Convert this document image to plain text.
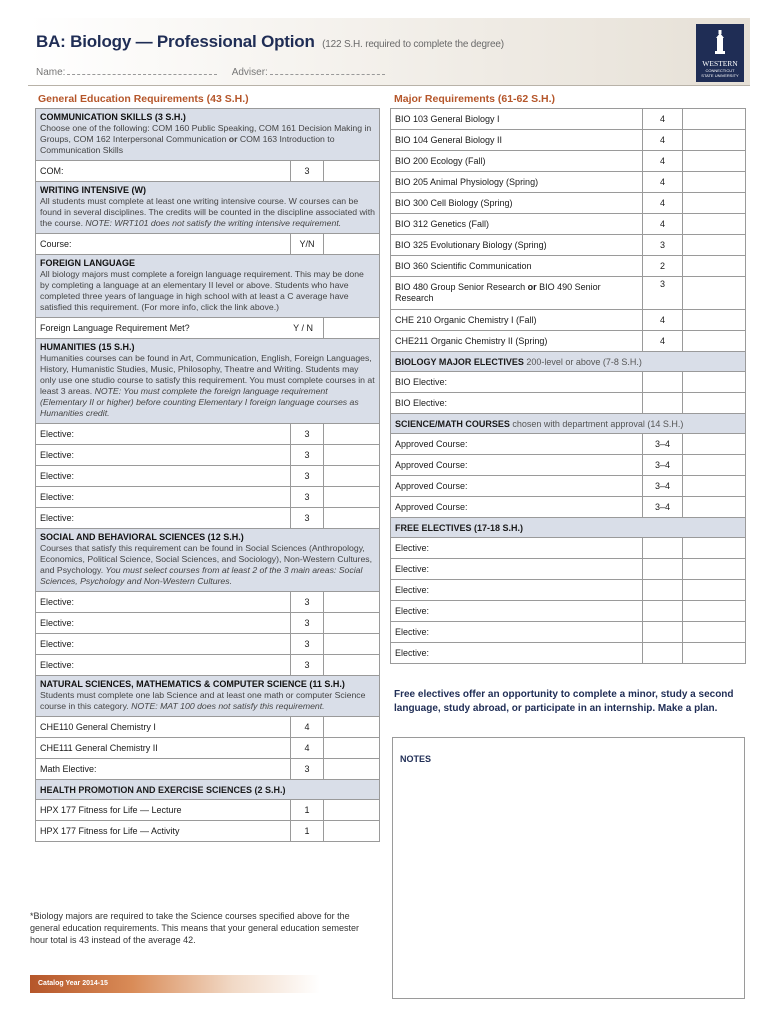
BA: Biology — Professional Option (122 S.H. required to complete the degree)
Name:	Adviser:
WESTERN
CONNECTICUT
STATE UNIVERSITY
General Education Requirements (43 S.H.)
COMMUNICATION SKILLS (3 S.H.)
Choose one of the following: COM 160 Public Speaking, COM 161 Decision Making in Groups, COM 162 Interpersonal Communication or COM 163 Introduction to Communication Skills		

COM:	3	

WRITING INTENSIVE (W)
All students must complete at least one writing intensive course. W courses can be found in several disciplines. The credits will be counted in the discipline associated with the course. NOTE: WRT101 does not satisfy the writing intensive requirement.		

Course:	Y/N	

FOREIGN LANGUAGE
All biology majors must complete a foreign language requirement. This may be done by completing a language at an elementary II level or above. Students who have completed three years of language in high school with at least a C average have satisfied this requirement. (For more info, click the link above.)		

Foreign Language Requirement Met? Y / N		

HUMANITIES (15 S.H.)
Humanities courses can be found in Art, Communication, English, Foreign Languages, History, Humanistic Studies, Music, Philosophy, Theatre and Writing. Students may only use one studio course to satisfy this requirement. You must complete courses in at least 3 areas. NOTE: You must complete the foreign language requirement (Elementary II or higher) before counting Elementary I foreign language courses as Humanities credit.		

Elective:	3	
Elective:	3	
Elective:	3	
Elective:	3	
Elective:	3	

SOCIAL AND BEHAVIORAL SCIENCES (12 S.H.)
Courses that satisfy this requirement can be found in Social Sciences (Anthropology, Economics, Political Science, Social Sciences, and Sociology), Non-Western Cultures, and Psychology. You must select courses from at least 2 of the 3 main areas: Social Sciences, Psychology and Non-Western Cultures.		

Elective:	3	
Elective:	3	
Elective:	3	
Elective:	3	

NATURAL SCIENCES, MATHEMATICS & COMPUTER SCIENCE (11 S.H.)
Students must complete one lab Science and at least one math or computer Science course in this category. NOTE: MAT 100 does not satisfy this requirement.		

CHE110 General Chemistry I	4	
CHE111 General Chemistry II	4	
Math Elective:	3	
HEALTH PROMOTION AND EXERCISE SCIENCES (2 S.H.)		
HPX 177 Fitness for Life — Lecture	1	
HPX 177 Fitness for Life — Activity	1	
*Biology majors are required to take the Science courses specified above for the general education requirements. This means that your general education semester hour total is 43 instead of the average 42.
Major Requirements (61-62 S.H.)
BIO 103 General Biology I	4	
BIO 104 General Biology II	4	
BIO 200 Ecology (Fall)	4	
BIO 205 Animal Physiology (Spring)	4	
BIO 300 Cell Biology (Spring)	4	
BIO 312 Genetics (Fall)	4	
BIO 325 Evolutionary Biology (Spring)	3	
BIO 360 Scientific Communication	2	
BIO 480 Group Senior Research or BIO 490 Senior Research	3	
CHE 210 Organic Chemistry I (Fall)	4	
CHE211 Organic Chemistry II (Spring)	4	
BIOLOGY MAJOR ELECTIVES 200-level or above (7-8 S.H.)		
BIO Elective:		
BIO Elective:		
SCIENCE/MATH COURSES chosen with department approval (14 S.H.)		
Approved Course:	3–4	
Approved Course:	3–4	
Approved Course:	3–4	
Approved Course:	3–4	
FREE ELECTIVES (17-18 S.H.)		
Elective:		
Elective:		
Elective:		
Elective:		
Elective:		
Elective:		
Free electives offer an opportunity to complete a minor, study a second language, study abroad, or participate in an internship. Make a plan.
NOTES
Catalog Year 2014-15
